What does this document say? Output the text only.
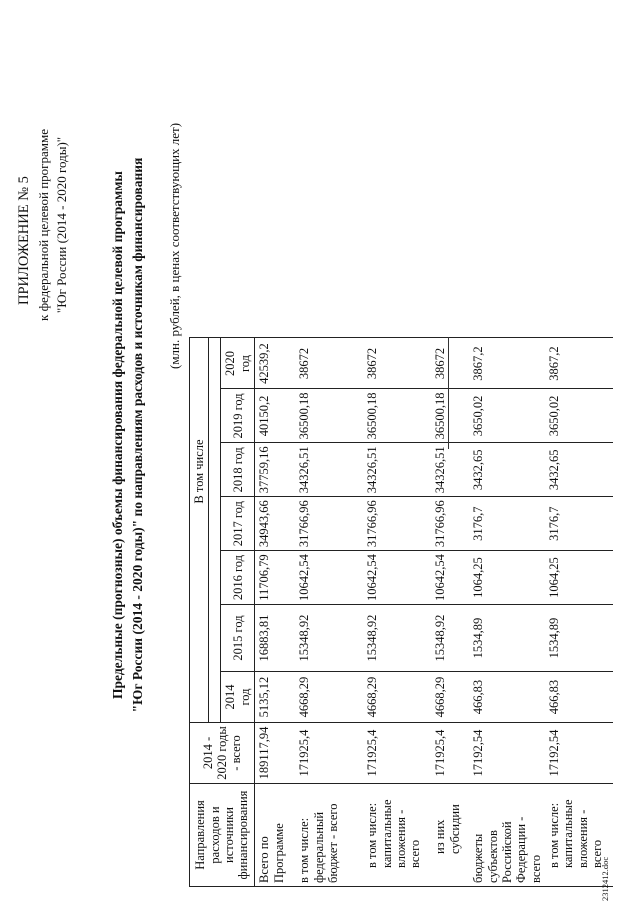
ПРИЛОЖЕНИЕ № 5 к федеральной целевой программе "Юг России (2014 - 2020 годы)"	Предельные (прогнозные) объемы финансирования федеральной целевой программы "Юг России (2014 - 2020 годы)" по направлениям расходов и источникам финансирования (млн. рублей, в ценах соответствующих лет)
Направления расходов и источники финансирования	2014 - 2020 годы - всего			В том числе				

		2014 год	2015 год	2016 год	2017 год	2018 год	2019 год	2020 год
Всего по Программе	189117,94	5135,12	16883,81	11706,79	34943,66	37759,16	40150,2	42539,2
в том числе: федеральный бюджет - всего	171925,4	4668,29	15348,92	10642,54	31766,96	34326,51	36500,18	38672
в том числе: капитальные вложения - всего	171925,4	4668,29	15348,92	10642,54	31766,96	34326,51	36500,18	38672
из них субсидии	171925,4	4668,29	15348,92	10642,54	31766,96	34326,51	36500,18	38672
бюджеты субъектов Российской Федерации - всего	17192,54	466,83	1534,89	1064,25	3176,7	3432,65	3650,02	3867,2
в том числе: капитальные вложения - всего	17192,54	466,83	1534,89	1064,25	3176,7	3432,65	3650,02	3867,2
2312412.doc
